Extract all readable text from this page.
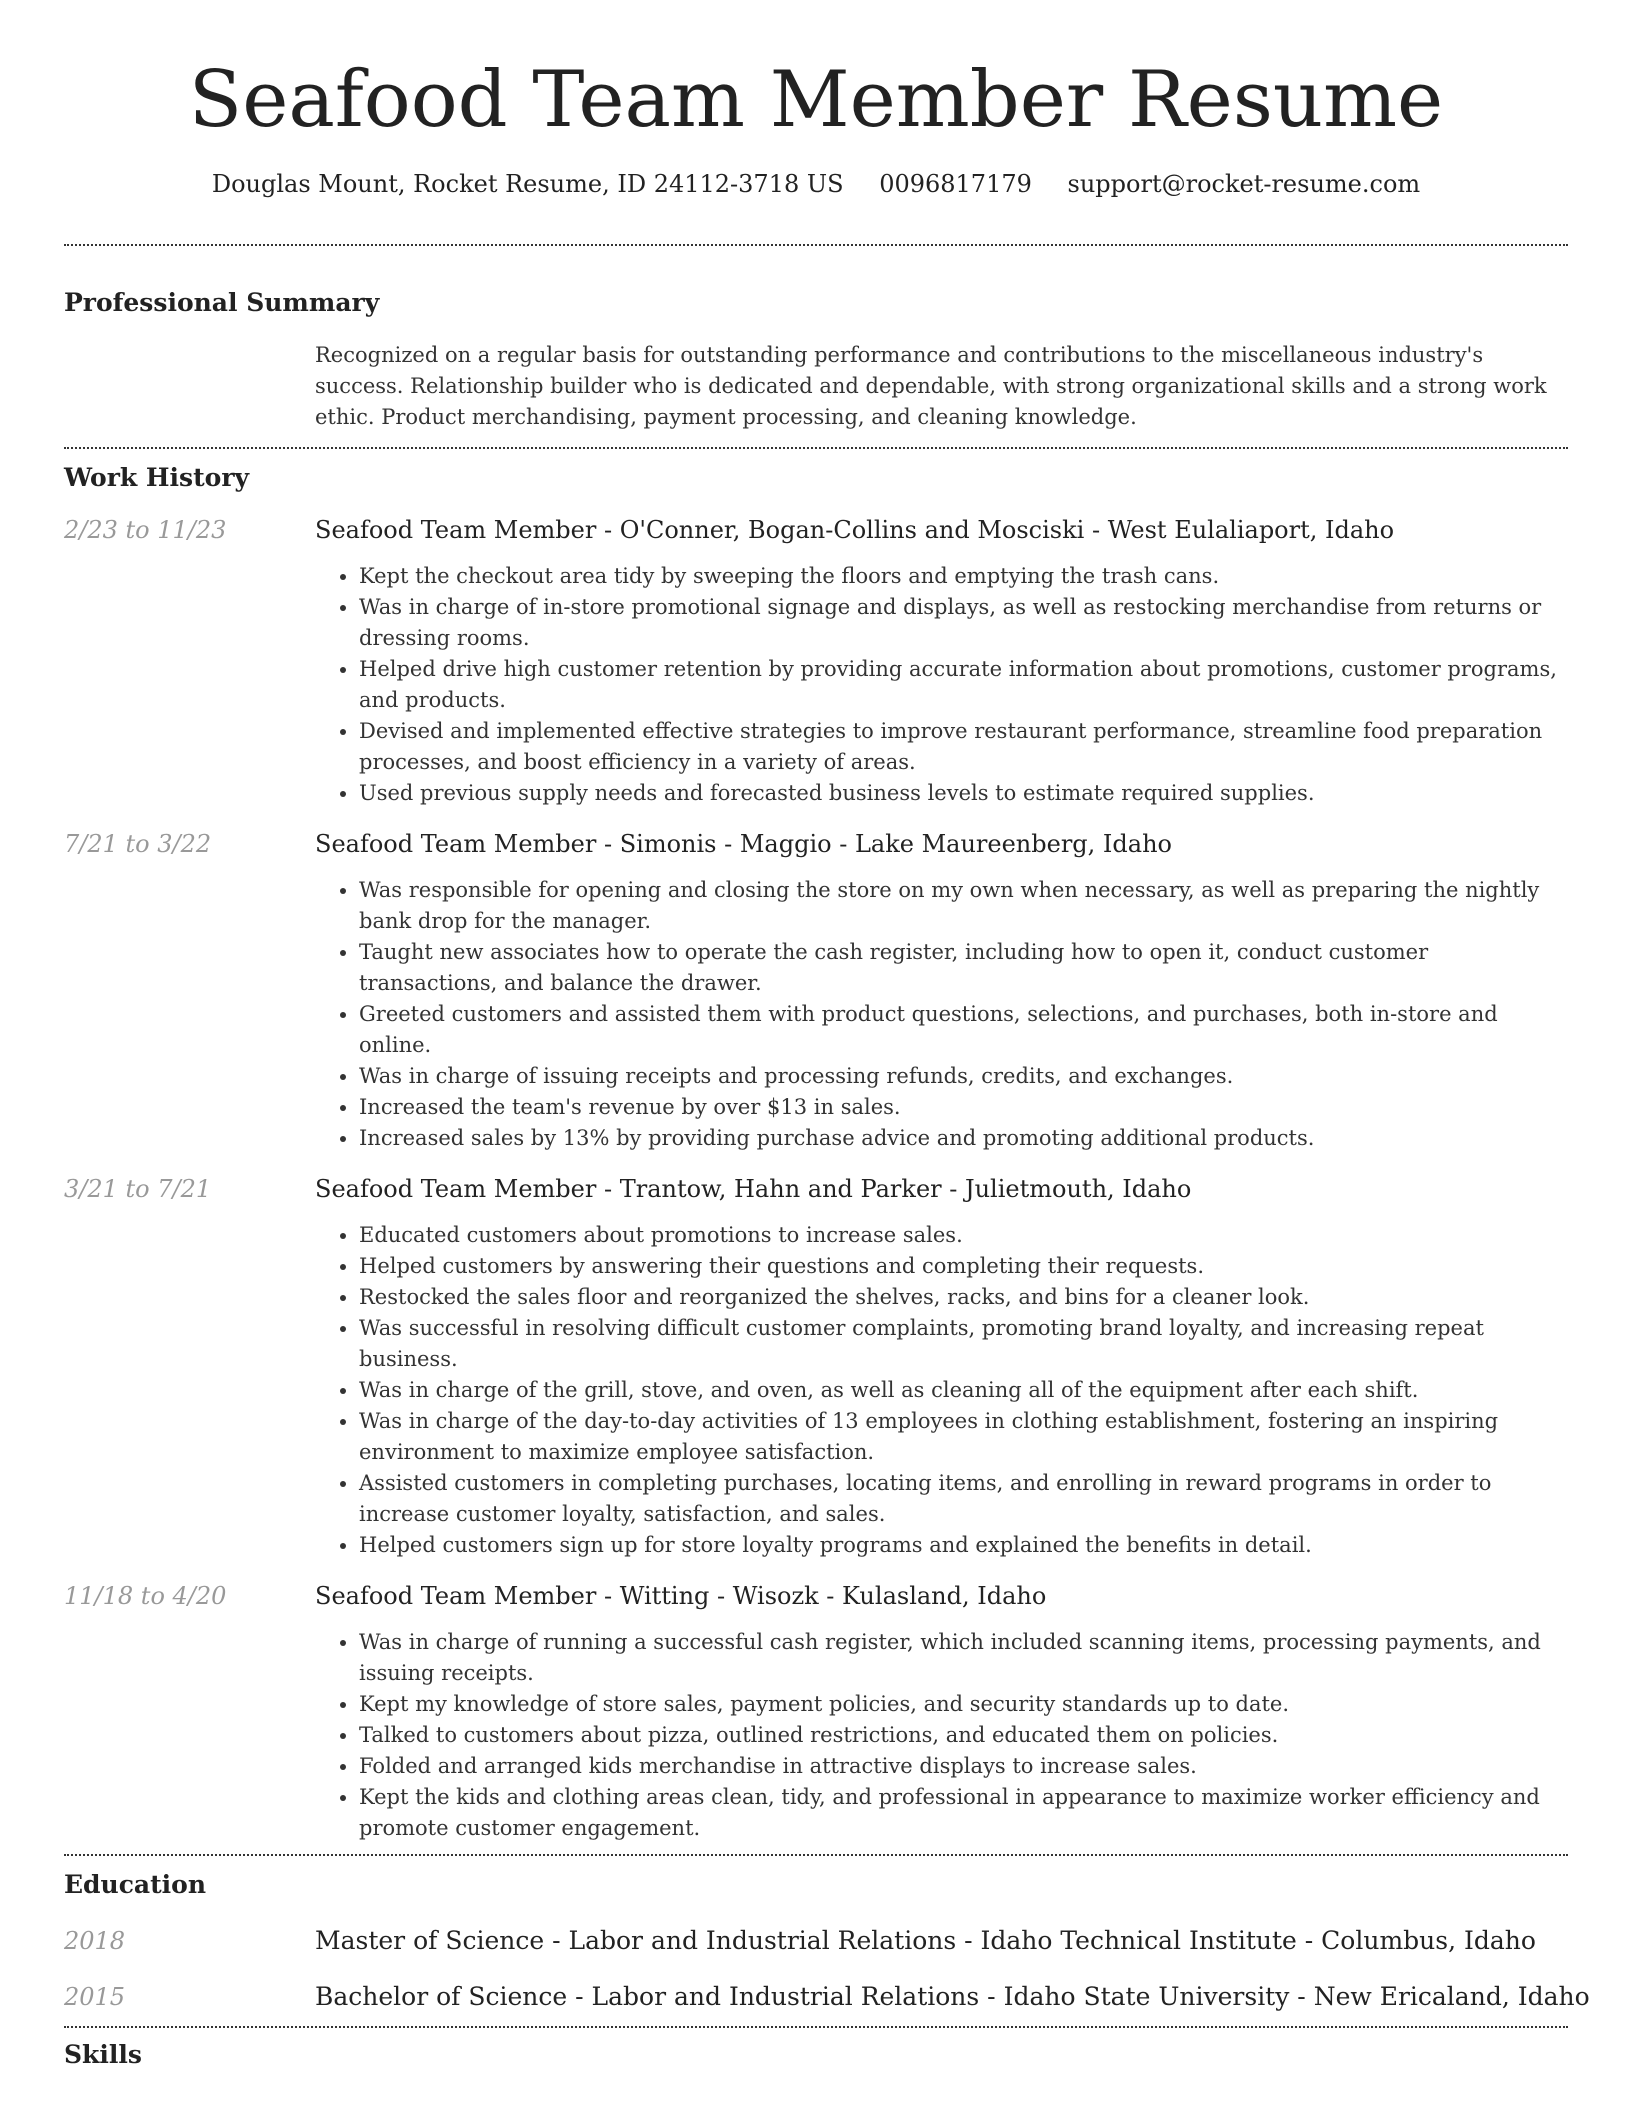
Seafood Team Member Resume
Douglas Mount, Rocket Resume, ID 24112-3718 US 0096817179 support@rocket-resume.com
Professional Summary
Recognized on a regular basis for outstanding performance and contributions to the miscellaneous industry's success. Relationship builder who is dedicated and dependable, with strong organizational skills and a strong work ethic. Product merchandising, payment processing, and cleaning knowledge.
Work History
2/23 to 11/23	Seafood Team Member - O'Conner, Bogan-Collins and Mosciski - West Eulaliaport, Idaho
• Kept the checkout area tidy by sweeping the floors and emptying the trash cans.
• Was in charge of in-store promotional signage and displays, as well as restocking merchandise from returns or dressing rooms.
• Helped drive high customer retention by providing accurate information about promotions, customer programs, and products.
• Devised and implemented effective strategies to improve restaurant performance, streamline food preparation processes, and boost efficiency in a variety of areas.
• Used previous supply needs and forecasted business levels to estimate required supplies.
7/21 to 3/22	Seafood Team Member - Simonis - Maggio - Lake Maureenberg, Idaho
• Was responsible for opening and closing the store on my own when necessary, as well as preparing the nightly bank drop for the manager.
• Taught new associates how to operate the cash register, including how to open it, conduct customer transactions, and balance the drawer.
• Greeted customers and assisted them with product questions, selections, and purchases, both in-store and online.
• Was in charge of issuing receipts and processing refunds, credits, and exchanges.
• Increased the team's revenue by over $13 in sales.
• Increased sales by 13% by providing purchase advice and promoting additional products.
3/21 to 7/21	Seafood Team Member - Trantow, Hahn and Parker - Julietmouth, Idaho
• Educated customers about promotions to increase sales.
• Helped customers by answering their questions and completing their requests.
• Restocked the sales floor and reorganized the shelves, racks, and bins for a cleaner look.
• Was successful in resolving difficult customer complaints, promoting brand loyalty, and increasing repeat business.
• Was in charge of the grill, stove, and oven, as well as cleaning all of the equipment after each shift.
• Was in charge of the day-to-day activities of 13 employees in clothing establishment, fostering an inspiring environment to maximize employee satisfaction.
• Assisted customers in completing purchases, locating items, and enrolling in reward programs in order to increase customer loyalty, satisfaction, and sales.
• Helped customers sign up for store loyalty programs and explained the benefits in detail.
11/18 to 4/20	Seafood Team Member - Witting - Wisozk - Kulasland, Idaho
• Was in charge of running a successful cash register, which included scanning items, processing payments, and issuing receipts.
• Kept my knowledge of store sales, payment policies, and security standards up to date.
• Talked to customers about pizza, outlined restrictions, and educated them on policies.
• Folded and arranged kids merchandise in attractive displays to increase sales.
• Kept the kids and clothing areas clean, tidy, and professional in appearance to maximize worker efficiency and promote customer engagement.
Education
2018	Master of Science - Labor and Industrial Relations - Idaho Technical Institute - Columbus, Idaho
2015	Bachelor of Science - Labor and Industrial Relations - Idaho State University - New Ericaland, Idaho
Skills
